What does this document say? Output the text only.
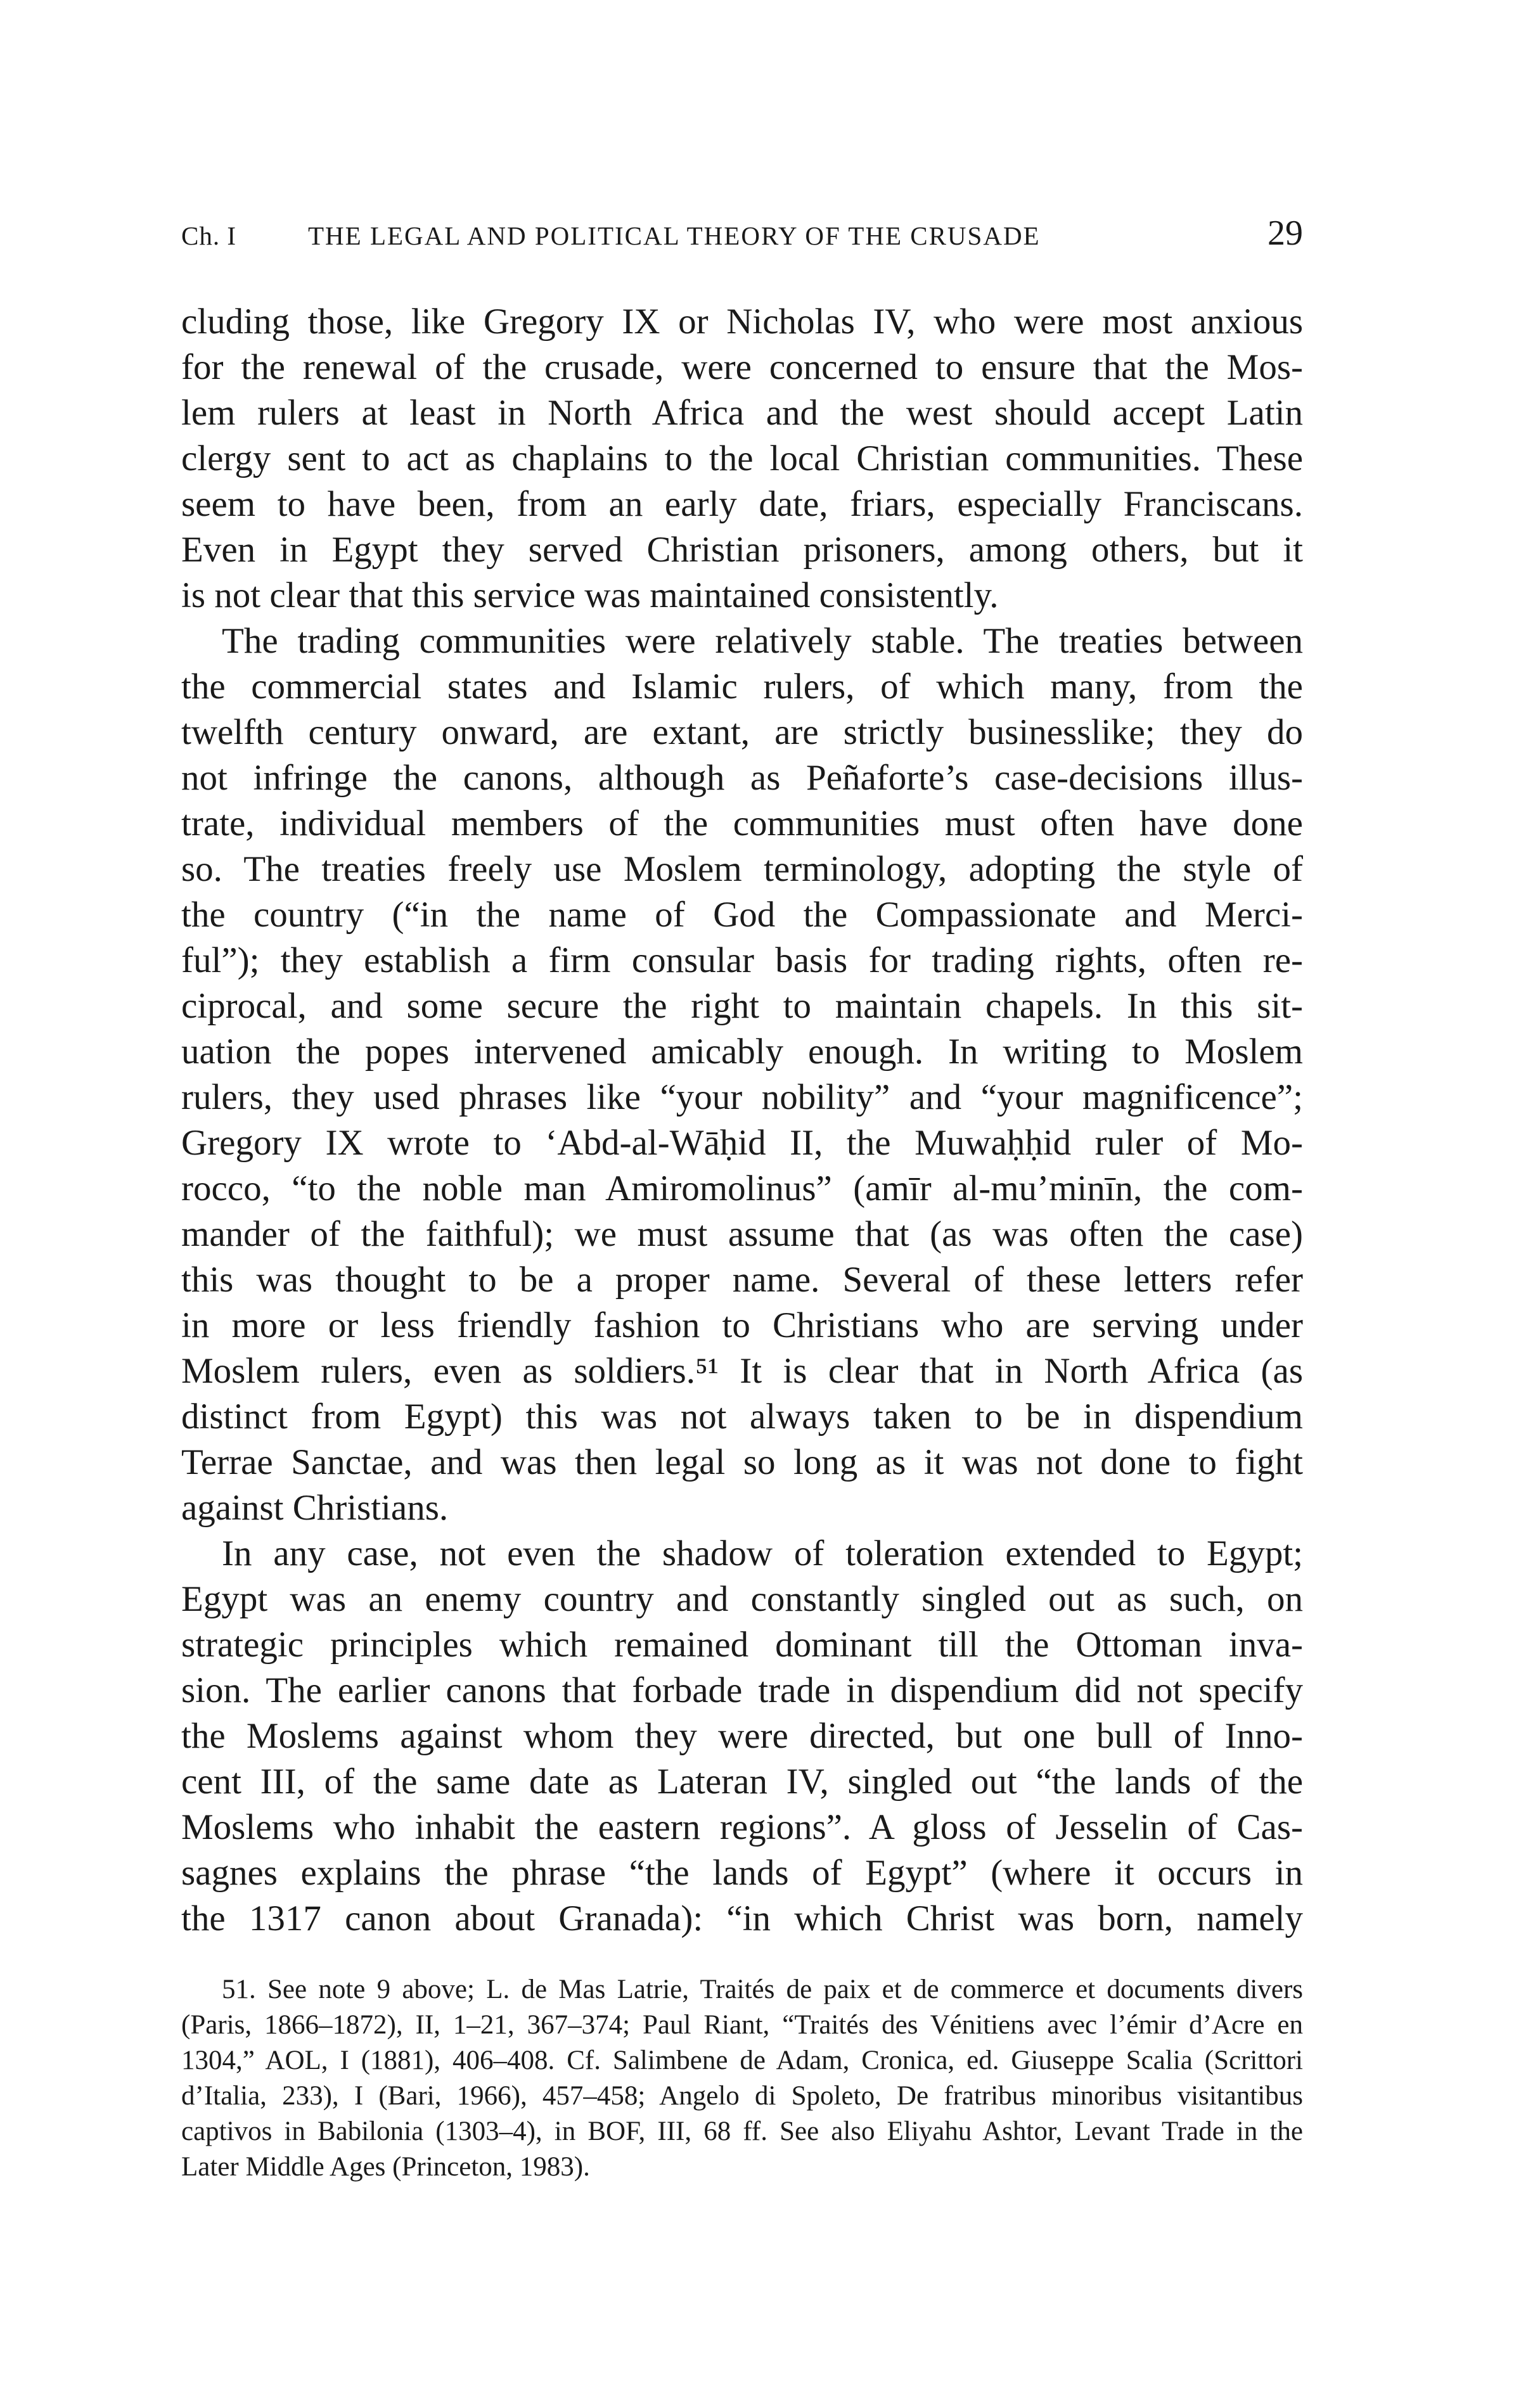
Ch. I	THE LEGAL AND POLITICAL THEORY OF THE CRUSADE	29
cluding those, like Gregory IX or Nicholas IV, who were most anxious
for the renewal of the crusade, were concerned to ensure that the Mos-
lem rulers at least in North Africa and the west should accept Latin
clergy sent to act as chaplains to the local Christian communities. These
seem to have been, from an early date, friars, especially Franciscans.
Even in Egypt they served Christian prisoners, among others, but it
is not clear that this service was maintained consistently.
The trading communities were relatively stable. The treaties between
the commercial states and Islamic rulers, of which many, from the
twelfth century onward, are extant, are strictly businesslike; they do
not infringe the canons, although as Peñaforte’s case-decisions illus-
trate, individual members of the communities must often have done
so. The treaties freely use Moslem terminology, adopting the style of
the country (“in the name of God the Compassionate and Merci-
ful”); they establish a firm consular basis for trading rights, often re-
ciprocal, and some secure the right to maintain chapels. In this sit-
uation the popes intervened amicably enough. In writing to Moslem
rulers, they used phrases like “your nobility” and “your magnificence”;
Gregory IX wrote to ‘Abd-al-Wāḥid II, the Muwaḥḥid ruler of Mo-
rocco, “to the noble man Amiromolinus” (amīr al-mu’minīn, the com-
mander of the faithful); we must assume that (as was often the case)
this was thought to be a proper name. Several of these letters refer
in more or less friendly fashion to Christians who are serving under
Moslem rulers, even as soldiers.⁵¹ It is clear that in North Africa (as
distinct from Egypt) this was not always taken to be in dispendium
Terrae Sanctae, and was then legal so long as it was not done to fight
against Christians.
In any case, not even the shadow of toleration extended to Egypt;
Egypt was an enemy country and constantly singled out as such, on
strategic principles which remained dominant till the Ottoman inva-
sion. The earlier canons that forbade trade in dispendium did not specify
the Moslems against whom they were directed, but one bull of Inno-
cent III, of the same date as Lateran IV, singled out “the lands of the
Moslems who inhabit the eastern regions”. A gloss of Jesselin of Cas-
sagnes explains the phrase “the lands of Egypt” (where it occurs in
the 1317 canon about Granada): “in which Christ was born, namely
51. See note 9 above; L. de Mas Latrie, Traités de paix et de commerce et documents divers
(Paris, 1866–1872), II, 1–21, 367–374; Paul Riant, “Traités des Vénitiens avec l’émir d’Acre en
1304,” AOL, I (1881), 406–408. Cf. Salimbene de Adam, Cronica, ed. Giuseppe Scalia (Scrittori
d’Italia, 233), I (Bari, 1966), 457–458; Angelo di Spoleto, De fratribus minoribus visitantibus
captivos in Babilonia (1303–4), in BOF, III, 68 ff. See also Eliyahu Ashtor, Levant Trade in the
Later Middle Ages (Princeton, 1983).
